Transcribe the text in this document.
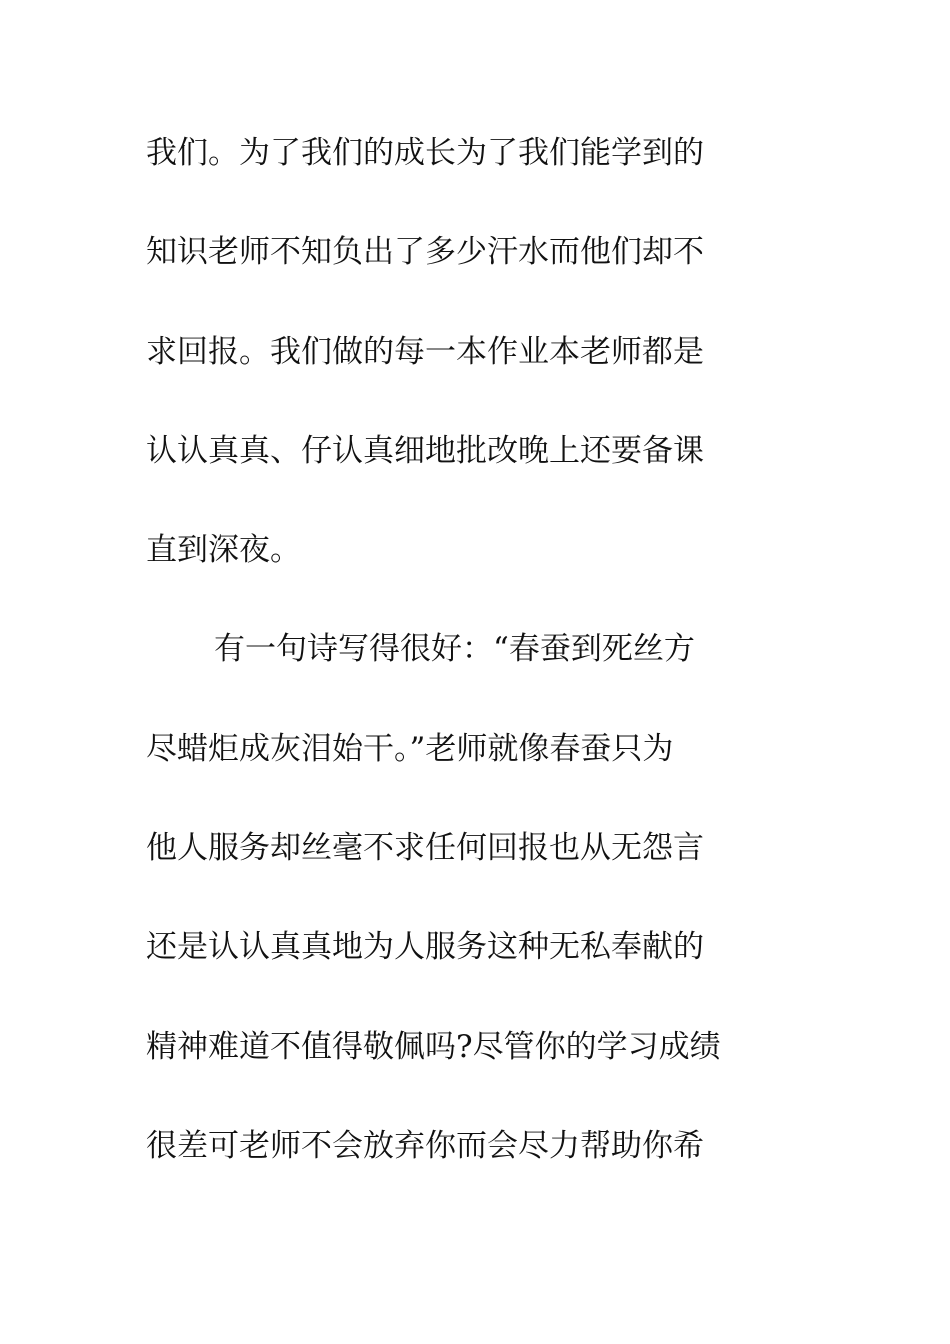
我们。为了我们的成长为了我们能学到的
知识老师不知负出了多少汗水而他们却不
求回报。我们做的每一本作业本老师都是
认认真真、仔认真细地批改晚上还要备课
直到深夜。
有一句诗写得很好：“春蚕到死丝方
尽蜡炬成灰泪始干。”老师就像春蚕只为
他人服务却丝毫不求任何回报也从无怨言
还是认认真真地为人服务这种无私奉献的
精神难道不值得敬佩吗?尽管你的学习成绩
很差可老师不会放弃你而会尽力帮助你希
